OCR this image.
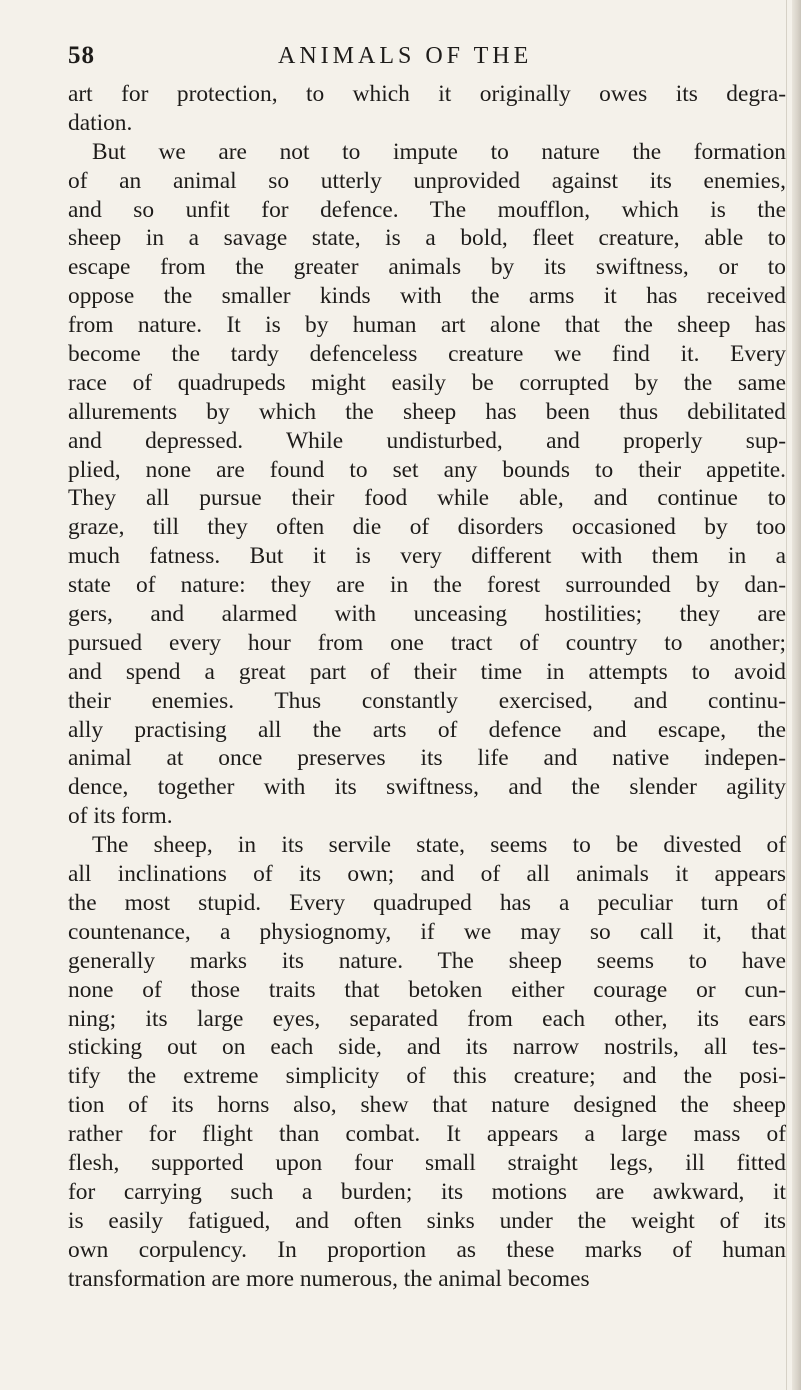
58	ANIMALS OF THE
art for protection, to which it originally owes its degra-
dation.
But we are not to impute to nature the formation
of an animal so utterly unprovided against its enemies,
and so unfit for defence. The moufflon, which is the
sheep in a savage state, is a bold, fleet creature, able to
escape from the greater animals by its swiftness, or to
oppose the smaller kinds with the arms it has received
from nature. It is by human art alone that the sheep has
become the tardy defenceless creature we find it. Every
race of quadrupeds might easily be corrupted by the same
allurements by which the sheep has been thus debilitated
and depressed. While undisturbed, and properly sup-
plied, none are found to set any bounds to their appetite.
They all pursue their food while able, and continue to
graze, till they often die of disorders occasioned by too
much fatness. But it is very different with them in a
state of nature: they are in the forest surrounded by dan-
gers, and alarmed with unceasing hostilities; they are
pursued every hour from one tract of country to another;
and spend a great part of their time in attempts to avoid
their enemies. Thus constantly exercised, and continu-
ally practising all the arts of defence and escape, the
animal at once preserves its life and native indepen-
dence, together with its swiftness, and the slender agility
of its form.
The sheep, in its servile state, seems to be divested of
all inclinations of its own; and of all animals it appears
the most stupid. Every quadruped has a peculiar turn of
countenance, a physiognomy, if we may so call it, that
generally marks its nature. The sheep seems to have
none of those traits that betoken either courage or cun-
ning; its large eyes, separated from each other, its ears
sticking out on each side, and its narrow nostrils, all tes-
tify the extreme simplicity of this creature; and the posi-
tion of its horns also, shew that nature designed the sheep
rather for flight than combat. It appears a large mass of
flesh, supported upon four small straight legs, ill fitted
for carrying such a burden; its motions are awkward, it
is easily fatigued, and often sinks under the weight of its
own corpulency. In proportion as these marks of human
transformation are more numerous, the animal becomes
